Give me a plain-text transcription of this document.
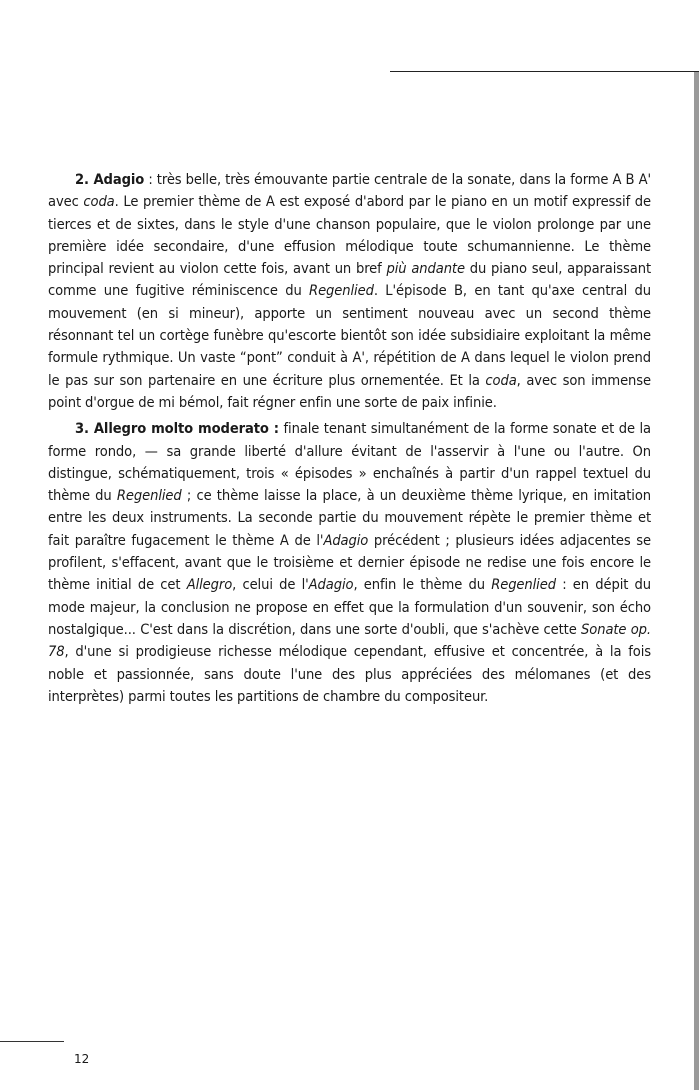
2. Adagio : très belle, très émouvante partie centrale de la sonate, dans la forme A B A' avec coda. Le premier thème de A est exposé d'abord par le piano en un motif expressif de tierces et de sixtes, dans le style d'une chanson populaire, que le violon prolonge par une première idée secondaire, d'une effusion mélodique toute schumannienne. Le thème principal revient au violon cette fois, avant un bref più andante du piano seul, apparaissant comme une fugitive réminiscence du Regenlied. L'épisode B, en tant qu'axe central du mouvement (en si mineur), apporte un sentiment nouveau avec un second thème résonnant tel un cortège funèbre qu'escorte bientôt son idée subsidiaire exploitant la même formule rythmique. Un vaste “pont” conduit à A', répétition de A dans lequel le violon prend le pas sur son partenaire en une écriture plus ornementée. Et la coda, avec son immense point d'orgue de mi bémol, fait régner enfin une sorte de paix infinie.

3. Allegro molto moderato : finale tenant simultanément de la forme sonate et de la forme rondo, — sa grande liberté d'allure évitant de l'asservir à l'une ou l'autre. On distingue, schématiquement, trois « épisodes » enchaînés à partir d'un rappel textuel du thème du Regenlied ; ce thème laisse la place, à un deuxième thème lyrique, en imitation entre les deux instruments. La seconde partie du mouvement répète le premier thème et fait paraître fugacement le thème A de l'Adagio précédent ; plusieurs idées adjacentes se profilent, s'effacent, avant que le troisième et dernier épisode ne redise une fois encore le thème initial de cet Allegro, celui de l'Adagio, enfin le thème du Regenlied : en dépit du mode majeur, la conclusion ne propose en effet que la formulation d'un souvenir, son écho nostalgique... C'est dans la discrétion, dans une sorte d'oubli, que s'achève cette Sonate op. 78, d'une si prodigieuse richesse mélodique cependant, effusive et concentrée, à la fois noble et passionnée, sans doute l'une des plus appréciées des mélomanes (et des interprètes) parmi toutes les partitions de chambre du compositeur.

12
